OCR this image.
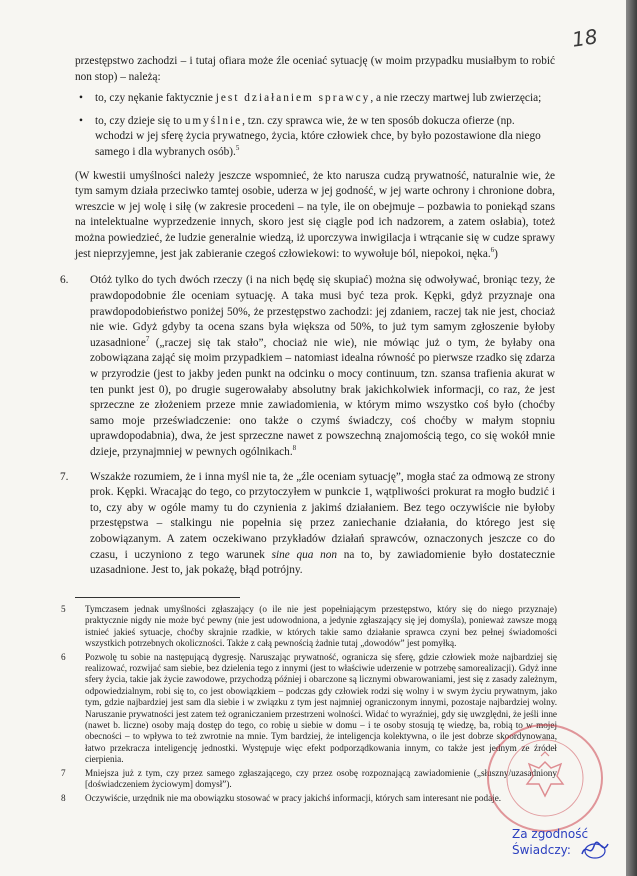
18

przestępstwo zachodzi – i tutaj ofiara może źle oceniać sytuację (w moim przypadku musiałbym to robić non stop) – należą:

• to, czy nękanie faktycznie jest działaniem sprawcy, a nie rzeczy martwej lub zwierzęcia;
• to, czy dzieje się to umyślnie, tzn. czy sprawca wie, że w ten sposób dokucza ofierze (np. wchodzi w jej sferę życia prywatnego, życia, które człowiek chce, by było pozostawione dla niego samego i dla wybranych osób).$^5$

(W kwestii umyślności należy jeszcze wspomnieć, że kto narusza cudzą prywatność, naturalnie wie, że tym samym działa przeciwko tamtej osobie, uderza w jej godność, w jej warte ochrony i chronione dobra, wreszcie w jej wolę i siłę (w zakresie procedeni – na tyle, ile on obejmuje – pozbawia to poniekąd szans na intelektualne wyprzedzenie innych, skoro jest się ciągle pod ich nadzorem, a zatem osłabia), toteż można powiedzieć, że ludzie generalnie wiedzą, iż uporczywa inwigilacja i wtrącanie się w cudze sprawy jest nieprzyjemne, jest jak zabieranie czegoś człowiekowi: to wywołuje ból, niepokoi, nęka.$^6$)

6. Otóż tylko do tych dwóch rzeczy (i na nich będę się skupiać) można się odwoływać, broniąc tezy, że prawdopodobnie źle oceniam sytuację. A taka musi być teza prok. Kępki, gdyż przyznaje ona prawdopodobieństwo poniżej 50%, że przestępstwo zachodzi: jej zdaniem, raczej tak nie jest, chociaż nie wie. Gdyż gdyby ta ocena szans była większa od 50%, to już tym samym zgłoszenie byłoby uzasadnione$^7$ („raczej się tak stało”, chociaż nie wie), nie mówiąc już o tym, że byłaby ona zobowiązana zająć się moim przypadkiem – natomiast idealna równość po pierwsze rzadko się zdarza w przyrodzie (jest to jakby jeden punkt na odcinku o mocy continuum, tzn. szansa trafienia akurat w ten punkt jest 0), po drugie sugerowałaby absolutny brak jakichkolwiek informacji, co raz, że jest sprzeczne ze złożeniem przeze mnie zawiadomienia, w którym mimo wszystko coś było (choćby samo moje przeświadczenie: ono także o czymś świadczy, coś choćby w małym stopniu uprawdopodabnia), dwa, że jest sprzeczne nawet z powszechną znajomością tego, co się wokół mnie dzieje, przynajmniej w pewnych ogólnikach.$^8$
7. Wszakże rozumiem, że i inna myśl nie ta, że „źle oceniam sytuację”, mogła stać za odmową ze strony prok. Kępki. Wracając do tego, co przytoczyłem w punkcie 1, wątpliwości prokurat ra mogło budzić i to, czy aby w ogóle mamy tu do czynienia z jakimś działaniem. Bez tego oczywiście nie byłoby przestępstwa – stalkingu nie popełnia się przez zaniechanie działania, do którego jest się zobowiązanym. A zatem oczekiwano przykładów działań sprawców, oznaczonych jeszcze co do czasu, i uczyniono z tego warunek sine qua non na to, by zawiadomienie było dostatecznie uzasadnione. Jest to, jak pokażę, błąd potrójny.
5 Tymczasem jednak umyślności zgłaszający (o ile nie jest popełniającym przestępstwo, który się do niego przyznaje) praktycznie nigdy nie może być pewny (nie jest udowodniona, a jedynie zgłaszający się jej domyśla), ponieważ zawsze mogą istnieć jakieś sytuacje, choćby skrajnie rzadkie, w których takie samo działanie sprawca czyni bez pełnej świadomości wszystkich potrzebnych okoliczności. Także z całą pewnością żadnie tutaj „dowodów” jest pomyłką.
6 Pozwolę tu sobie na następującą dygresję. Naruszając prywatność, ogranicza się sferę, gdzie człowiek może najbardziej się realizować, rozwijać sam siebie, bez dzielenia tego z innymi (jest to właściwie uderzenie w potrzebę samorealizacji). Gdyż inne sfery życia, takie jak życie zawodowe, przychodzą później i obarczone są licznymi obwarowaniami, jest się z zasady zależnym, odpowiedzialnym, robi się to, co jest obowiązkiem – podczas gdy człowiek rodzi się wolny i w swym życiu prywatnym, jako tym, gdzie najbardziej jest sam dla siebie i w związku z tym jest najmniej ograniczonym innymi, pozostaje najbardziej wolny. Naruszanie prywatności jest zatem też ograniczaniem przestrzeni wolności. Widać to wyraźniej, gdy się uwzględni, że jeśli inne (nawet b. liczne) osoby mają dostęp do tego, co robię u siebie w domu – i te osoby stosują tę wiedzę, ba, robią to w mojej obecności – to wpływa to też zwrotnie na mnie. Tym bardziej, że inteligencja kolektywna, o ile jest dobrze skoordynowana, łatwo przekracza inteligencję jednostki. Występuje więc efekt podporządkowania innym, co także jest jednym ze źródeł cierpienia.
7 Mniejsza już z tym, czy przez samego zgłaszającego, czy przez osobę rozpoznającą zawiadomienie („słuszny/uzasadniony [doświadczeniem życiowym] domysł”).
8 Oczywiście, urzędnik nie ma obowiązku stosować w pracy jakichś informacji, których sam interesant nie podaje.
Za zgodność
Świadczy:
